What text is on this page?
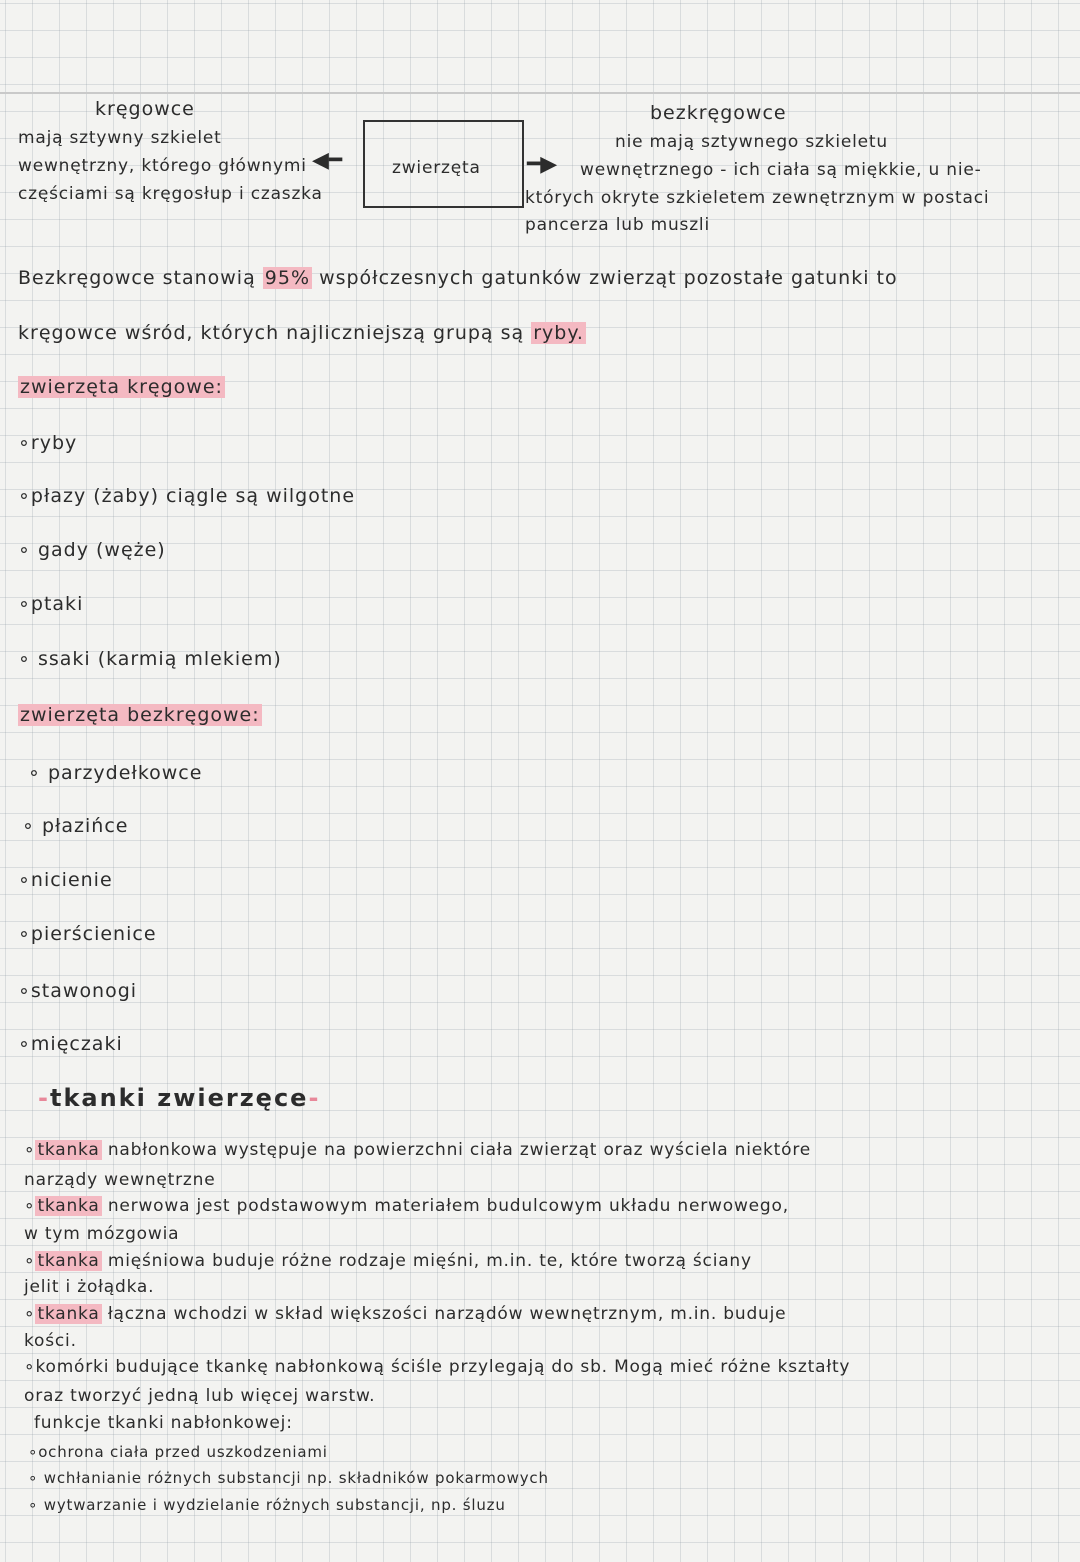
kręgowce
mają sztywny szkielet
wewnętrzny, którego głównymi
częściami są kręgosłup i czaszka
◀━	zwierzęta ━▶
bezkręgowce
nie mają sztywnego szkieletu
wewnętrznego - ich ciała są miękkie, u nie-
których okryte szkieletem zewnętrznym w postaci
pancerza lub muszli
Bezkręgowce stanowią 95% współczesnych gatunków zwierząt pozostałe gatunki to
kręgowce wśród, których najliczniejszą grupą są ryby.
zwierzęta kręgowe:
∘ryby
∘płazy (żaby) ciągle są wilgotne
∘ gady (węże)
∘ptaki
∘ ssaki (karmią mlekiem)
zwierzęta bezkręgowe:
∘ parzydełkowce
∘ płazińce
∘nicienie
∘pierścienice
∘stawonogi
∘mięczaki
-tkanki zwierzęce-
∘ tkanka nabłonkowa występuje na powierzchni ciała zwierząt oraz wyściela niektóre
narządy wewnętrzne
∘ tkanka nerwowa jest podstawowym materiałem budulcowym układu nerwowego,
w tym mózgowia
∘ tkanka mięśniowa buduje różne rodzaje mięśni, m.in. te, które tworzą ściany
jelit i żołądka.
∘ tkanka łączna wchodzi w skład większości narządów wewnętrznym, m.in. buduje
kości.
∘komórki budujące tkankę nabłonkową ściśle przylegają do sb. Mogą mieć różne kształty
oraz tworzyć jedną lub więcej warstw.
funkcje tkanki nabłonkowej:
∘ochrona ciała przed uszkodzeniami
∘ wchłanianie różnych substancji np. składników pokarmowych
∘ wytwarzanie i wydzielanie różnych substancji, np. śluzu
